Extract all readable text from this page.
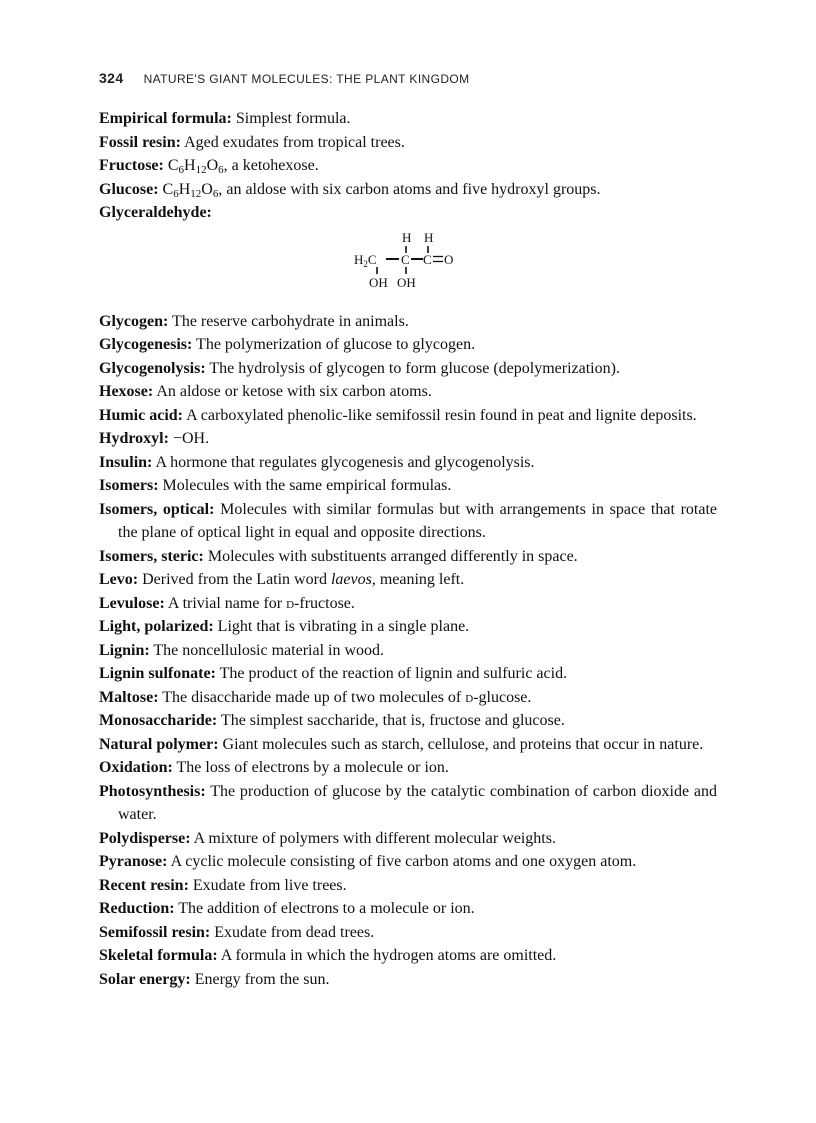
324 NATURE'S GIANT MOLECULES: THE PLANT KINGDOM
Empirical formula: Simplest formula.
Fossil resin: Aged exudates from tropical trees.
Fructose: $C_6H_{12}O_6$, a ketohexose.
Glucose: $C_6H_{12}O_6$, an aldose with six carbon atoms and five hydroxyl groups.
Glyceraldehyde:
H H
$H_2C$ C C O
OH OH
Glycogen: The reserve carbohydrate in animals.
Glycogenesis: The polymerization of glucose to glycogen.
Glycogenolysis: The hydrolysis of glycogen to form glucose (depolymerization).
Hexose: An aldose or ketose with six carbon atoms.
Humic acid: A carboxylated phenolic-like semifossil resin found in peat and lignite deposits.
Hydroxyl: −OH.
Insulin: A hormone that regulates glycogenesis and glycogenolysis.
Isomers: Molecules with the same empirical formulas.
Isomers, optical: Molecules with similar formulas but with arrangements in space that rotate the plane of optical light in equal and opposite directions.
Isomers, steric: Molecules with substituents arranged differently in space.
Levo: Derived from the Latin word laevos, meaning left.
Levulose: A trivial name for d-fructose.
Light, polarized: Light that is vibrating in a single plane.
Lignin: The noncellulosic material in wood.
Lignin sulfonate: The product of the reaction of lignin and sulfuric acid.
Maltose: The disaccharide made up of two molecules of d-glucose.
Monosaccharide: The simplest saccharide, that is, fructose and glucose.
Natural polymer: Giant molecules such as starch, cellulose, and proteins that occur in nature.
Oxidation: The loss of electrons by a molecule or ion.
Photosynthesis: The production of glucose by the catalytic combination of carbon dioxide and water.
Polydisperse: A mixture of polymers with different molecular weights.
Pyranose: A cyclic molecule consisting of five carbon atoms and one oxygen atom.
Recent resin: Exudate from live trees.
Reduction: The addition of electrons to a molecule or ion.
Semifossil resin: Exudate from dead trees.
Skeletal formula: A formula in which the hydrogen atoms are omitted.
Solar energy: Energy from the sun.
